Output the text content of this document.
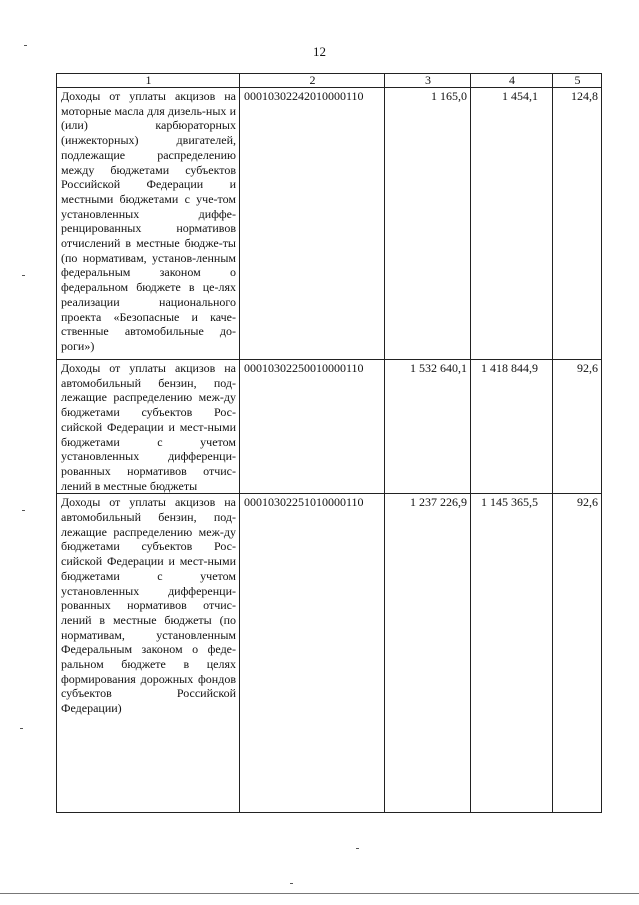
12
1	2	3	4	5
Доходы от уплаты акцизов на моторные масла для дизель-ных и (или) карбюраторных (инжекторных) двигателей, подлежащие распределению между бюджетами субъектов Российской Федерации и местными бюджетами с уче-том установленных диффе-ренцированных нормативов отчислений в местные бюдже-ты (по нормативам, установ-ленным федеральным законом о федеральном бюджете в це-лях реализации национального проекта «Безопасные и каче-ственные автомобильные до-роги»)	00010302242010000110	1 165,0	1 454,1	124,8
Доходы от уплаты акцизов на автомобильный бензин, под-лежащие распределению меж-ду бюджетами субъектов Рос-сийской Федерации и мест-ными бюджетами с учетом установленных дифференци-рованных нормативов отчис-лений в местные бюджеты	00010302250010000110	1 532 640,1	1 418 844,9	92,6
Доходы от уплаты акцизов на автомобильный бензин, под-лежащие распределению меж-ду бюджетами субъектов Рос-сийской Федерации и мест-ными бюджетами с учетом установленных дифференци-рованных нормативов отчис-лений в местные бюджеты (по нормативам, установленным Федеральным законом о феде-ральном бюджете в целях формирования дорожных фондов субъектов Российской Федерации)	00010302251010000110	1 237 226,9	1 145 365,5	92,6
